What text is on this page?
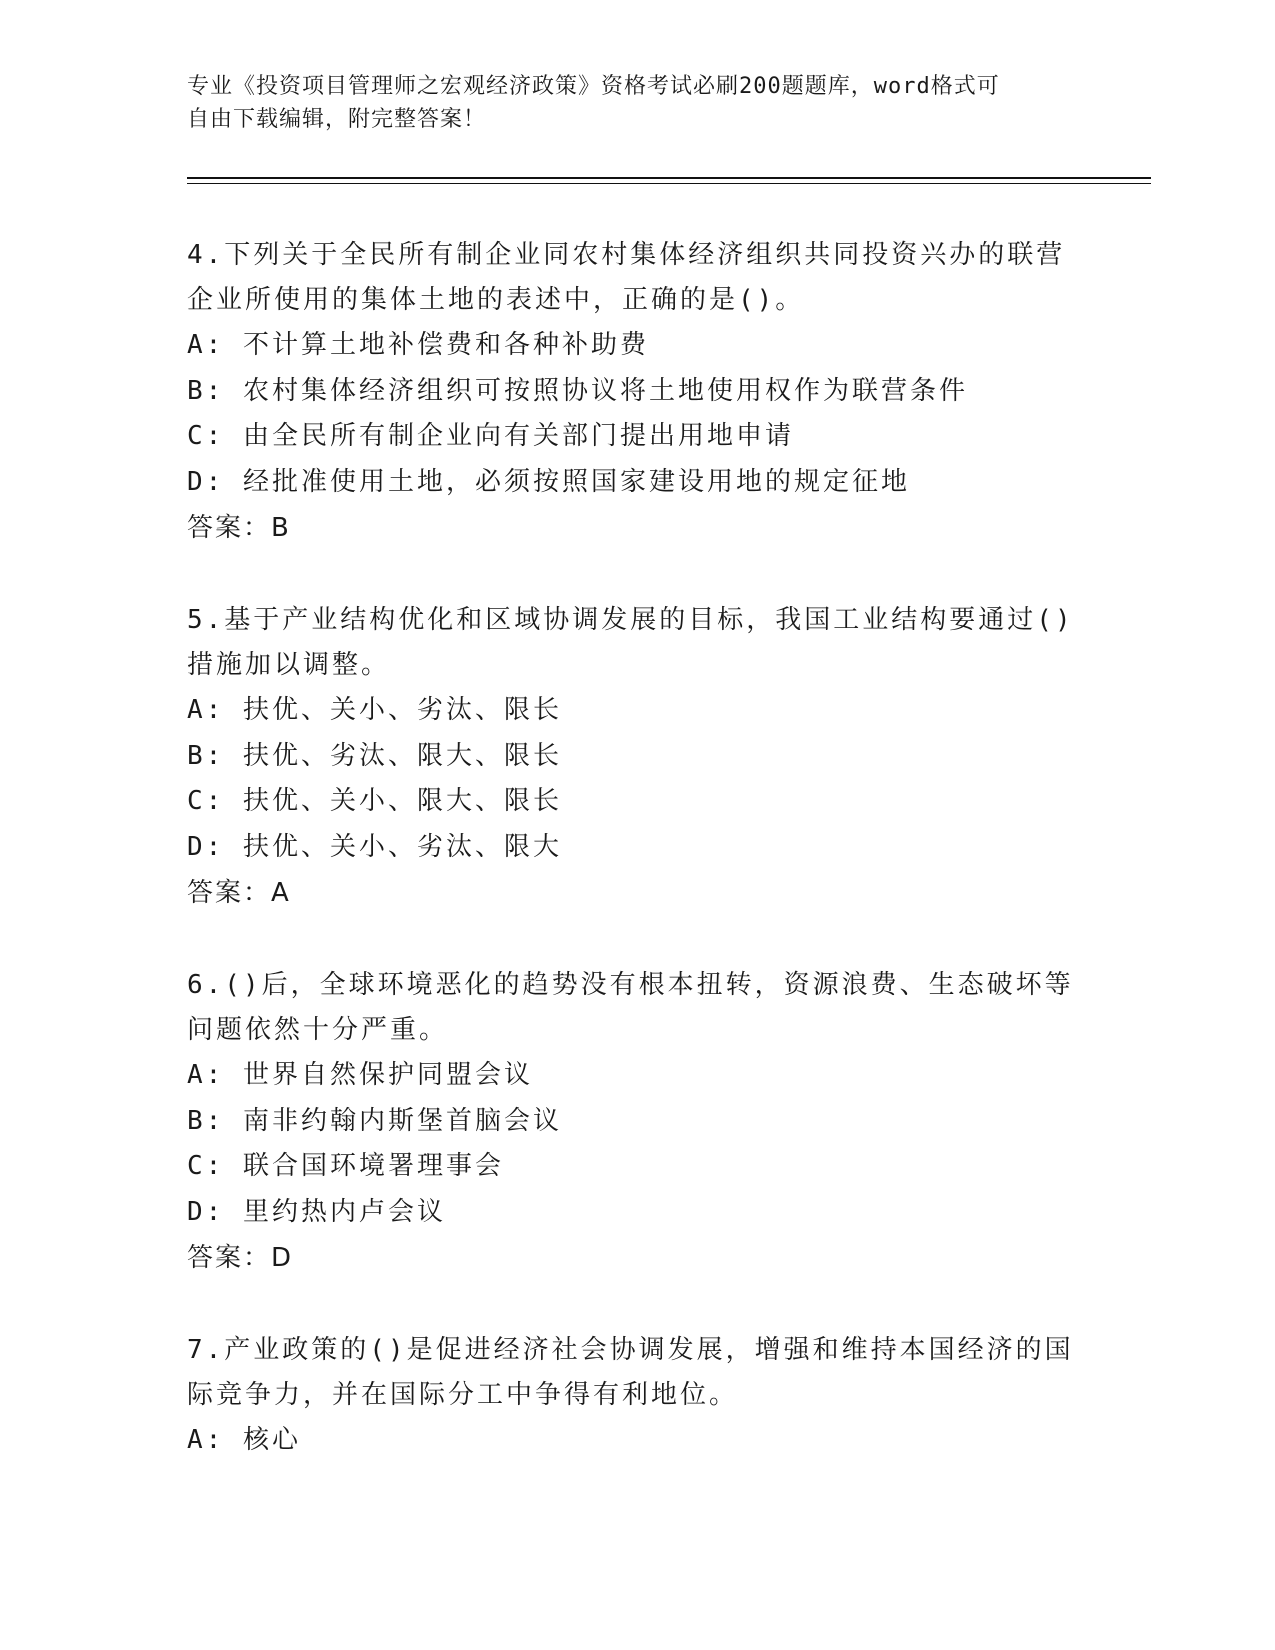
专业《投资项目管理师之宏观经济政策》资格考试必刷200题题库，word格式可
自由下载编辑，附完整答案！
4.下列关于全民所有制企业同农村集体经济组织共同投资兴办的联营
企业所使用的集体土地的表述中，正确的是()。
A: 不计算土地补偿费和各种补助费
B: 农村集体经济组织可按照协议将土地使用权作为联营条件
C: 由全民所有制企业向有关部门提出用地申请
D: 经批准使用土地，必须按照国家建设用地的规定征地
答案：B
5.基于产业结构优化和区域协调发展的目标，我国工业结构要通过()
措施加以调整。
A: 扶优、关小、劣汰、限长
B: 扶优、劣汰、限大、限长
C: 扶优、关小、限大、限长
D: 扶优、关小、劣汰、限大
答案：A
6.()后，全球环境恶化的趋势没有根本扭转，资源浪费、生态破坏等
问题依然十分严重。
A: 世界自然保护同盟会议
B: 南非约翰内斯堡首脑会议
C: 联合国环境署理事会
D: 里约热内卢会议
答案：D
7.产业政策的()是促进经济社会协调发展，增强和维持本国经济的国
际竞争力，并在国际分工中争得有利地位。
A: 核心
